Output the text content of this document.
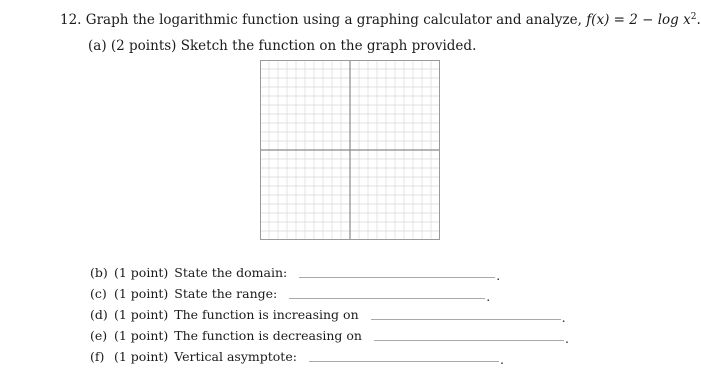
12. Graph the logarithmic function using a graphing calculator and analyze, $f(x) = 2 - \log x^2$.
(a) (2 points) Sketch the function on the graph provided.
(b) (1 point) State the domain:	.
(c) (1 point) State the range:	.
(d) (1 point) The function is increasing on	.
(e) (1 point) The function is decreasing on	.
(f) (1 point) Vertical asymptote:	.
